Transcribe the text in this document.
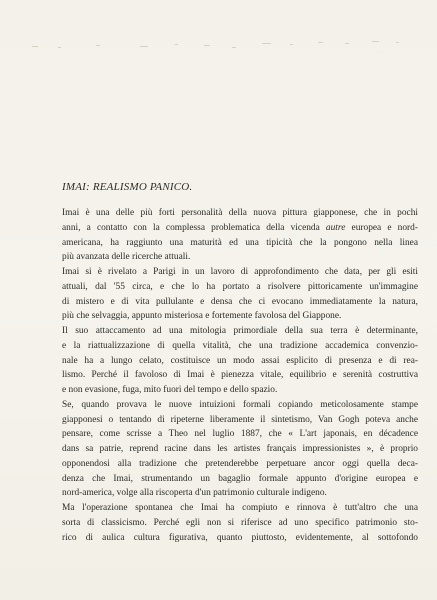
IMAI: REALISMO PANICO.

Imai è una delle più forti personalità della nuova pittura giapponese, che in pochi
anni, a contatto con la complessa problematica della vicenda autre europea e nord-
americana, ha raggiunto una maturità ed una tipicità che la pongono nella linea
più avanzata delle ricerche attuali.

Imai si è rivelato a Parigi in un lavoro di approfondimento che data, per gli esiti
attuali, dal '55 circa, e che lo ha portato a risolvere pittoricamente un'immagine
di mistero e di vita pullulante e densa che ci evocano immediatamente la natura,
più che selvaggia, appunto misteriosa e fortemente favolosa del Giappone.

Il suo attaccamento ad una mitologia primordiale della sua terra è determinante,
e la riattualizzazione di quella vitalità, che una tradizione accademica convenzio-
nale ha a lungo celato, costituisce un modo assai esplicito di presenza e di rea-
lismo. Perché il favoloso di Imai è pienezza vitale, equilibrio e serenità costruttiva
e non evasione, fuga, mito fuori del tempo e dello spazio.

Se, quando provava le nuove intuizioni formali copiando meticolosamente stampe
giapponesi o tentando di ripeterne liberamente il sintetismo, Van Gogh poteva anche
pensare, come scrisse a Theo nel luglio 1887, che « L'art japonais, en décadence
dans sa patrie, reprend racine dans les artistes français impressionistes », è proprio
opponendosi alla tradizione che pretenderebbe perpetuare ancor oggi quella deca-
denza che Imai, strumentando un bagaglio formale appunto d'origine europea e
nord-america, volge alla riscoperta d'un patrimonio culturale indigeno.

Ma l'operazione spontanea che Imai ha compiuto e rinnova è tutt'altro che una
sorta di classicismo. Perché egli non si riferisce ad uno specifico patrimonio sto-
rico di aulica cultura figurativa, quanto piuttosto, evidentemente, al sottofondo
